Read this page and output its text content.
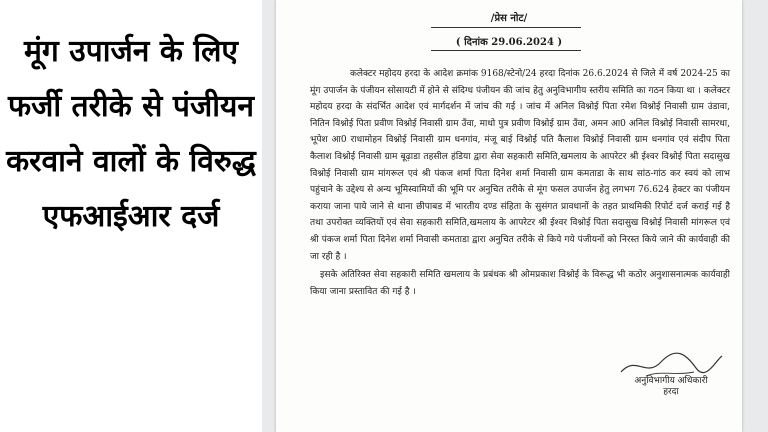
मूंग उपार्जन के लिए फर्जी तरीके से पंजीयन करवाने वालों के विरुद्ध एफआईआर दर्ज
/प्रेस नोट/
( दिनांक 29.06.2024 )

कलेक्टर महोदय हरदा के आदेश क्रमांक 9168/स्टेनो/24 हरदा दिनांक 26.6.2024 से जिले में वर्ष 2024-25 का मूंग उपार्जन के पंजीयन सोसायटी में होने से संदिग्ध पंजीयन की जांच हेतु अनुविभागीय स्तरीय समिति का गठन किया था । कलेक्टर महोदय हरदा के संदर्भित आदेश एवं मार्गदर्शन में जांच की गई । जांच में अनिल विश्नोई पिता रमेश विश्नोई निवासी ग्राम उंडावा, नितिन विश्नोई पिता प्रवीण विश्नोई निवासी ग्राम उँवा, माधो पुत्र प्रवीण विश्नोई ग्राम उँवा, अमन आ0 अनिल विश्नोई निवासी सामरधा, भूपेश आ0 राधामोहन विश्नोई निवासी ग्राम धनगांव, मंजू बाई विश्नोई पति कैलाश विश्नोई निवासी ग्राम धनगांव एवं संदीप पिता कैलाश विश्नोई निवासी ग्राम बूढ़ाडा तहसील हंडिया द्वारा सेवा सहकारी समिति,खमलाय के आपरेटर श्री ईश्वर विश्नोई पिता सदासुख विश्नोई निवासी ग्राम मांगरूल एवं श्री पंकज शर्मा पिता दिनेश शर्मा निवासी ग्राम कमताडा के साथ सांठ-गांठ कर स्वयं को लाभ पहुंचाने के उद्देश्य से अन्य भूमिस्वामियों की भूमि पर अनुचित तरीके से मूंग फसल उपार्जन हेतु लगभग 76.624 हेक्टर का पंजीयन कराया जाना पाये जाने से थाना छीपाबड में भारतीय दण्ड संहिता के सुसंगत प्रावधानों के तहत प्राथमिकी रिपोर्ट दर्ज कराई गई है तथा उपरोक्त व्यक्तियों एवं सेवा सहकारी समिति,खमलाय के आपरेटर श्री ईश्वर विश्नोई पिता सदासुख विश्नोई निवासी मांगरूल एवं श्री पंकज शर्मा पिता दिनेश शर्मा निवासी कमताडा द्वारा अनुचित तरीके से किये गये पंजीयनों को निरस्त किये जाने की कार्यवाही की जा रही है ।

इसके अतिरिक्त सेवा सहकारी समिति खमलाय के प्रबंधक श्री ओमप्रकाश विश्नोई के विरूद्ध भी कठोर अनुशासनात्मक कार्यवाही किया जाना प्रस्तावित की गई है ।

अनुविभागीय अधिकारी
हरदा
